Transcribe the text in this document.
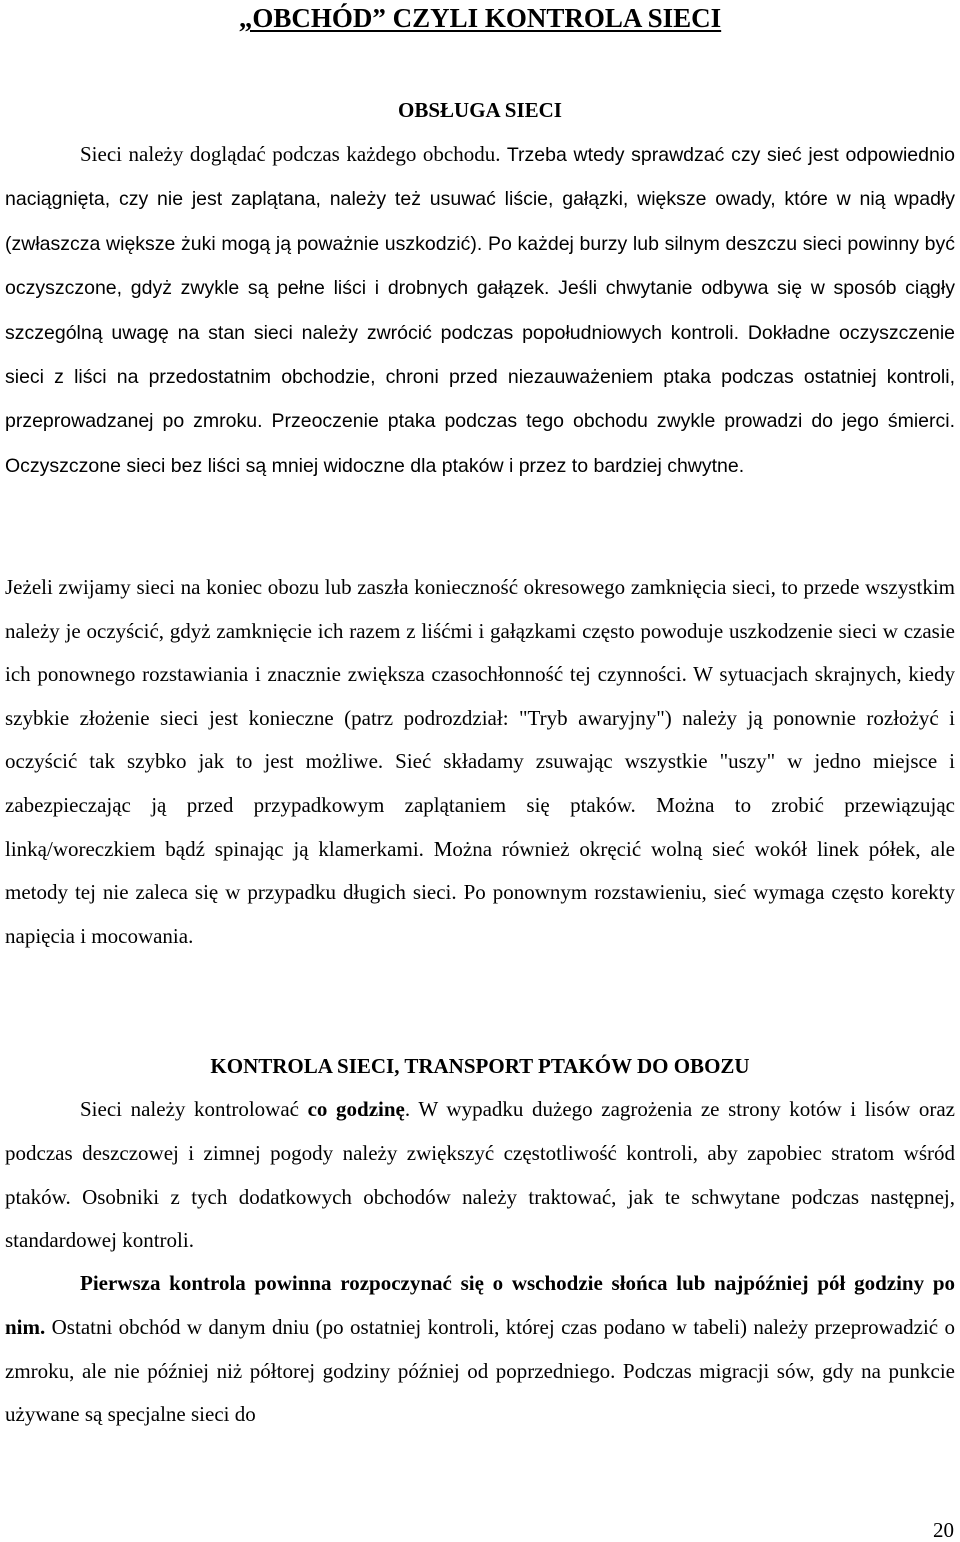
„OBCHÓD” CZYLI KONTROLA SIECI
OBSŁUGA SIECI

Sieci należy doglądać podczas każdego obchodu. Trzeba wtedy sprawdzać czy sieć jest odpowiednio naciągnięta, czy nie jest zaplątana, należy też usuwać liście, gałązki, większe owady, które w nią wpadły (zwłaszcza większe żuki mogą ją poważnie uszkodzić). Po każdej burzy lub silnym deszczu sieci powinny być oczyszczone, gdyż zwykle są pełne liści i drobnych gałązek. Jeśli chwytanie odbywa się w sposób ciągły szczególną uwagę na stan sieci należy zwrócić podczas popołudniowych kontroli. Dokładne oczyszczenie sieci z liści na przedostatnim obchodzie, chroni przed niezauważeniem ptaka podczas ostatniej kontroli, przeprowadzanej po zmroku. Przeoczenie ptaka podczas tego obchodu zwykle prowadzi do jego śmierci. Oczyszczone sieci bez liści są mniej widoczne dla ptaków i przez to bardziej chwytne.

Jeżeli zwijamy sieci na koniec obozu lub zaszła konieczność okresowego zamknięcia sieci, to przede wszystkim należy je oczyścić, gdyż zamknięcie ich razem z liśćmi i gałązkami często powoduje uszkodzenie sieci w czasie ich ponownego rozstawiania i znacznie zwiększa czasochłonność tej czynności. W sytuacjach skrajnych, kiedy szybkie złożenie sieci jest konieczne (patrz podrozdział: "Tryb awaryjny") należy ją ponownie rozłożyć i oczyścić tak szybko jak to jest możliwe. Sieć składamy zsuwając wszystkie "uszy" w jedno miejsce i zabezpieczając ją przed przypadkowym zaplątaniem się ptaków. Można to zrobić przewiązując linką/woreczkiem bądź spinając ją klamerkami. Można również okręcić wolną sieć wokół linek półek, ale metody tej nie zaleca się w przypadku długich sieci. Po ponownym rozstawieniu, sieć wymaga często korekty napięcia i mocowania.

KONTROLA SIECI, TRANSPORT PTAKÓW DO OBOZU

Sieci należy kontrolować co godzinę. W wypadku dużego zagrożenia ze strony kotów i lisów oraz podczas deszczowej i zimnej pogody należy zwiększyć częstotliwość kontroli, aby zapobiec stratom wśród ptaków. Osobniki z tych dodatkowych obchodów należy traktować, jak te schwytane podczas następnej, standardowej kontroli.

Pierwsza kontrola powinna rozpoczynać się o wschodzie słońca lub najpóźniej pół godziny po nim. Ostatni obchód w danym dniu (po ostatniej kontroli, której czas podano w tabeli) należy przeprowadzić o zmroku, ale nie później niż półtorej godziny później od poprzedniego. Podczas migracji sów, gdy na punkcie używane są specjalne sieci do

20
